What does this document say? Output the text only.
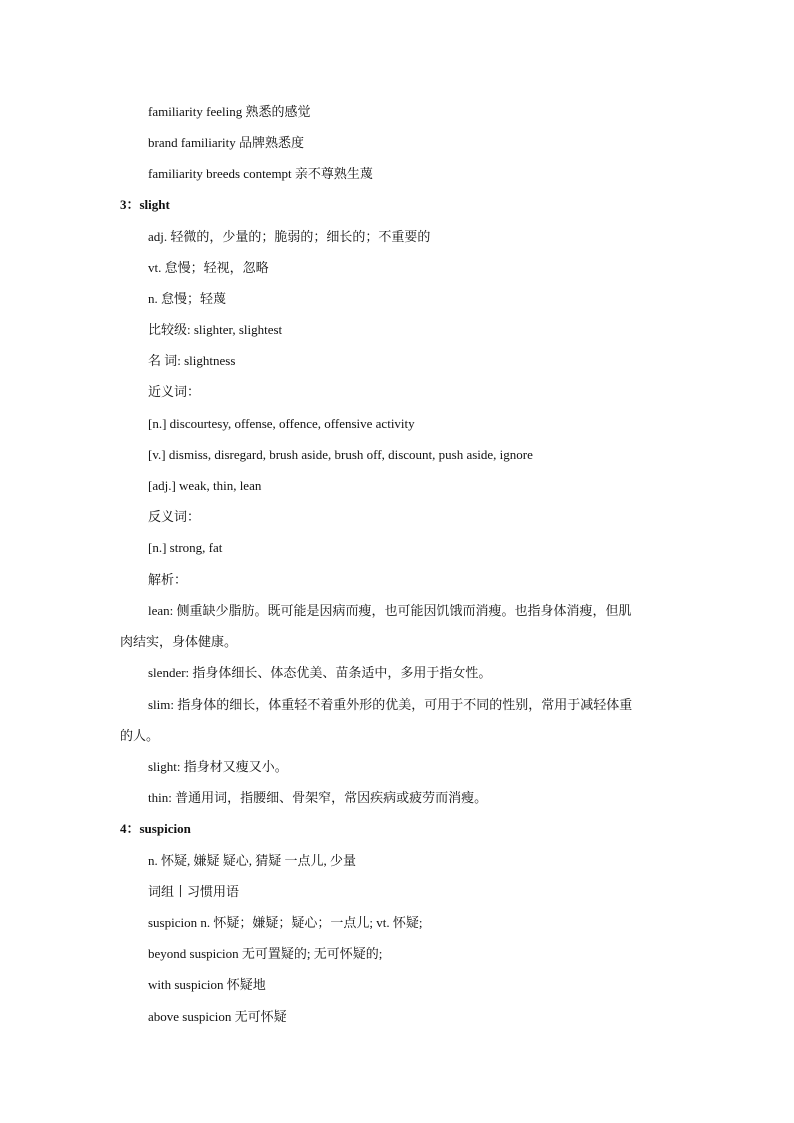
familiarity feeling 熟悉的感觉
brand familiarity 品牌熟悉度
familiarity breeds contempt 亲不尊熟生蔑
3：slight
adj. 轻微的，少量的；脆弱的；细长的；不重要的
vt. 怠慢；轻视，忽略
n. 怠慢；轻蔑
比较级: slighter, slightest
名 词: slightness
近义词：
[n.] discourtesy, offense, offence, offensive activity
[v.] dismiss, disregard, brush aside, brush off, discount, push aside, ignore
[adj.] weak, thin, lean
反义词：
[n.] strong, fat
解析：
lean: 侧重缺少脂肪。既可能是因病而瘦，也可能因饥饿而消瘦。也指身体消瘦，但肌
肉结实，身体健康。
slender: 指身体细长、体态优美、苗条适中，多用于指女性。
slim: 指身体的细长，体重轻不着重外形的优美，可用于不同的性别，常用于减轻体重
的人。
slight: 指身材又瘦又小。
thin: 普通用词，指腰细、骨架窄，常因疾病或疲劳而消瘦。
4：suspicion
n. 怀疑, 嫌疑 疑心, 猜疑 一点儿, 少量
词组丨习惯用语
suspicion n. 怀疑；嫌疑；疑心；一点儿; vt. 怀疑;
beyond suspicion 无可置疑的; 无可怀疑的;
with suspicion 怀疑地
above suspicion 无可怀疑
